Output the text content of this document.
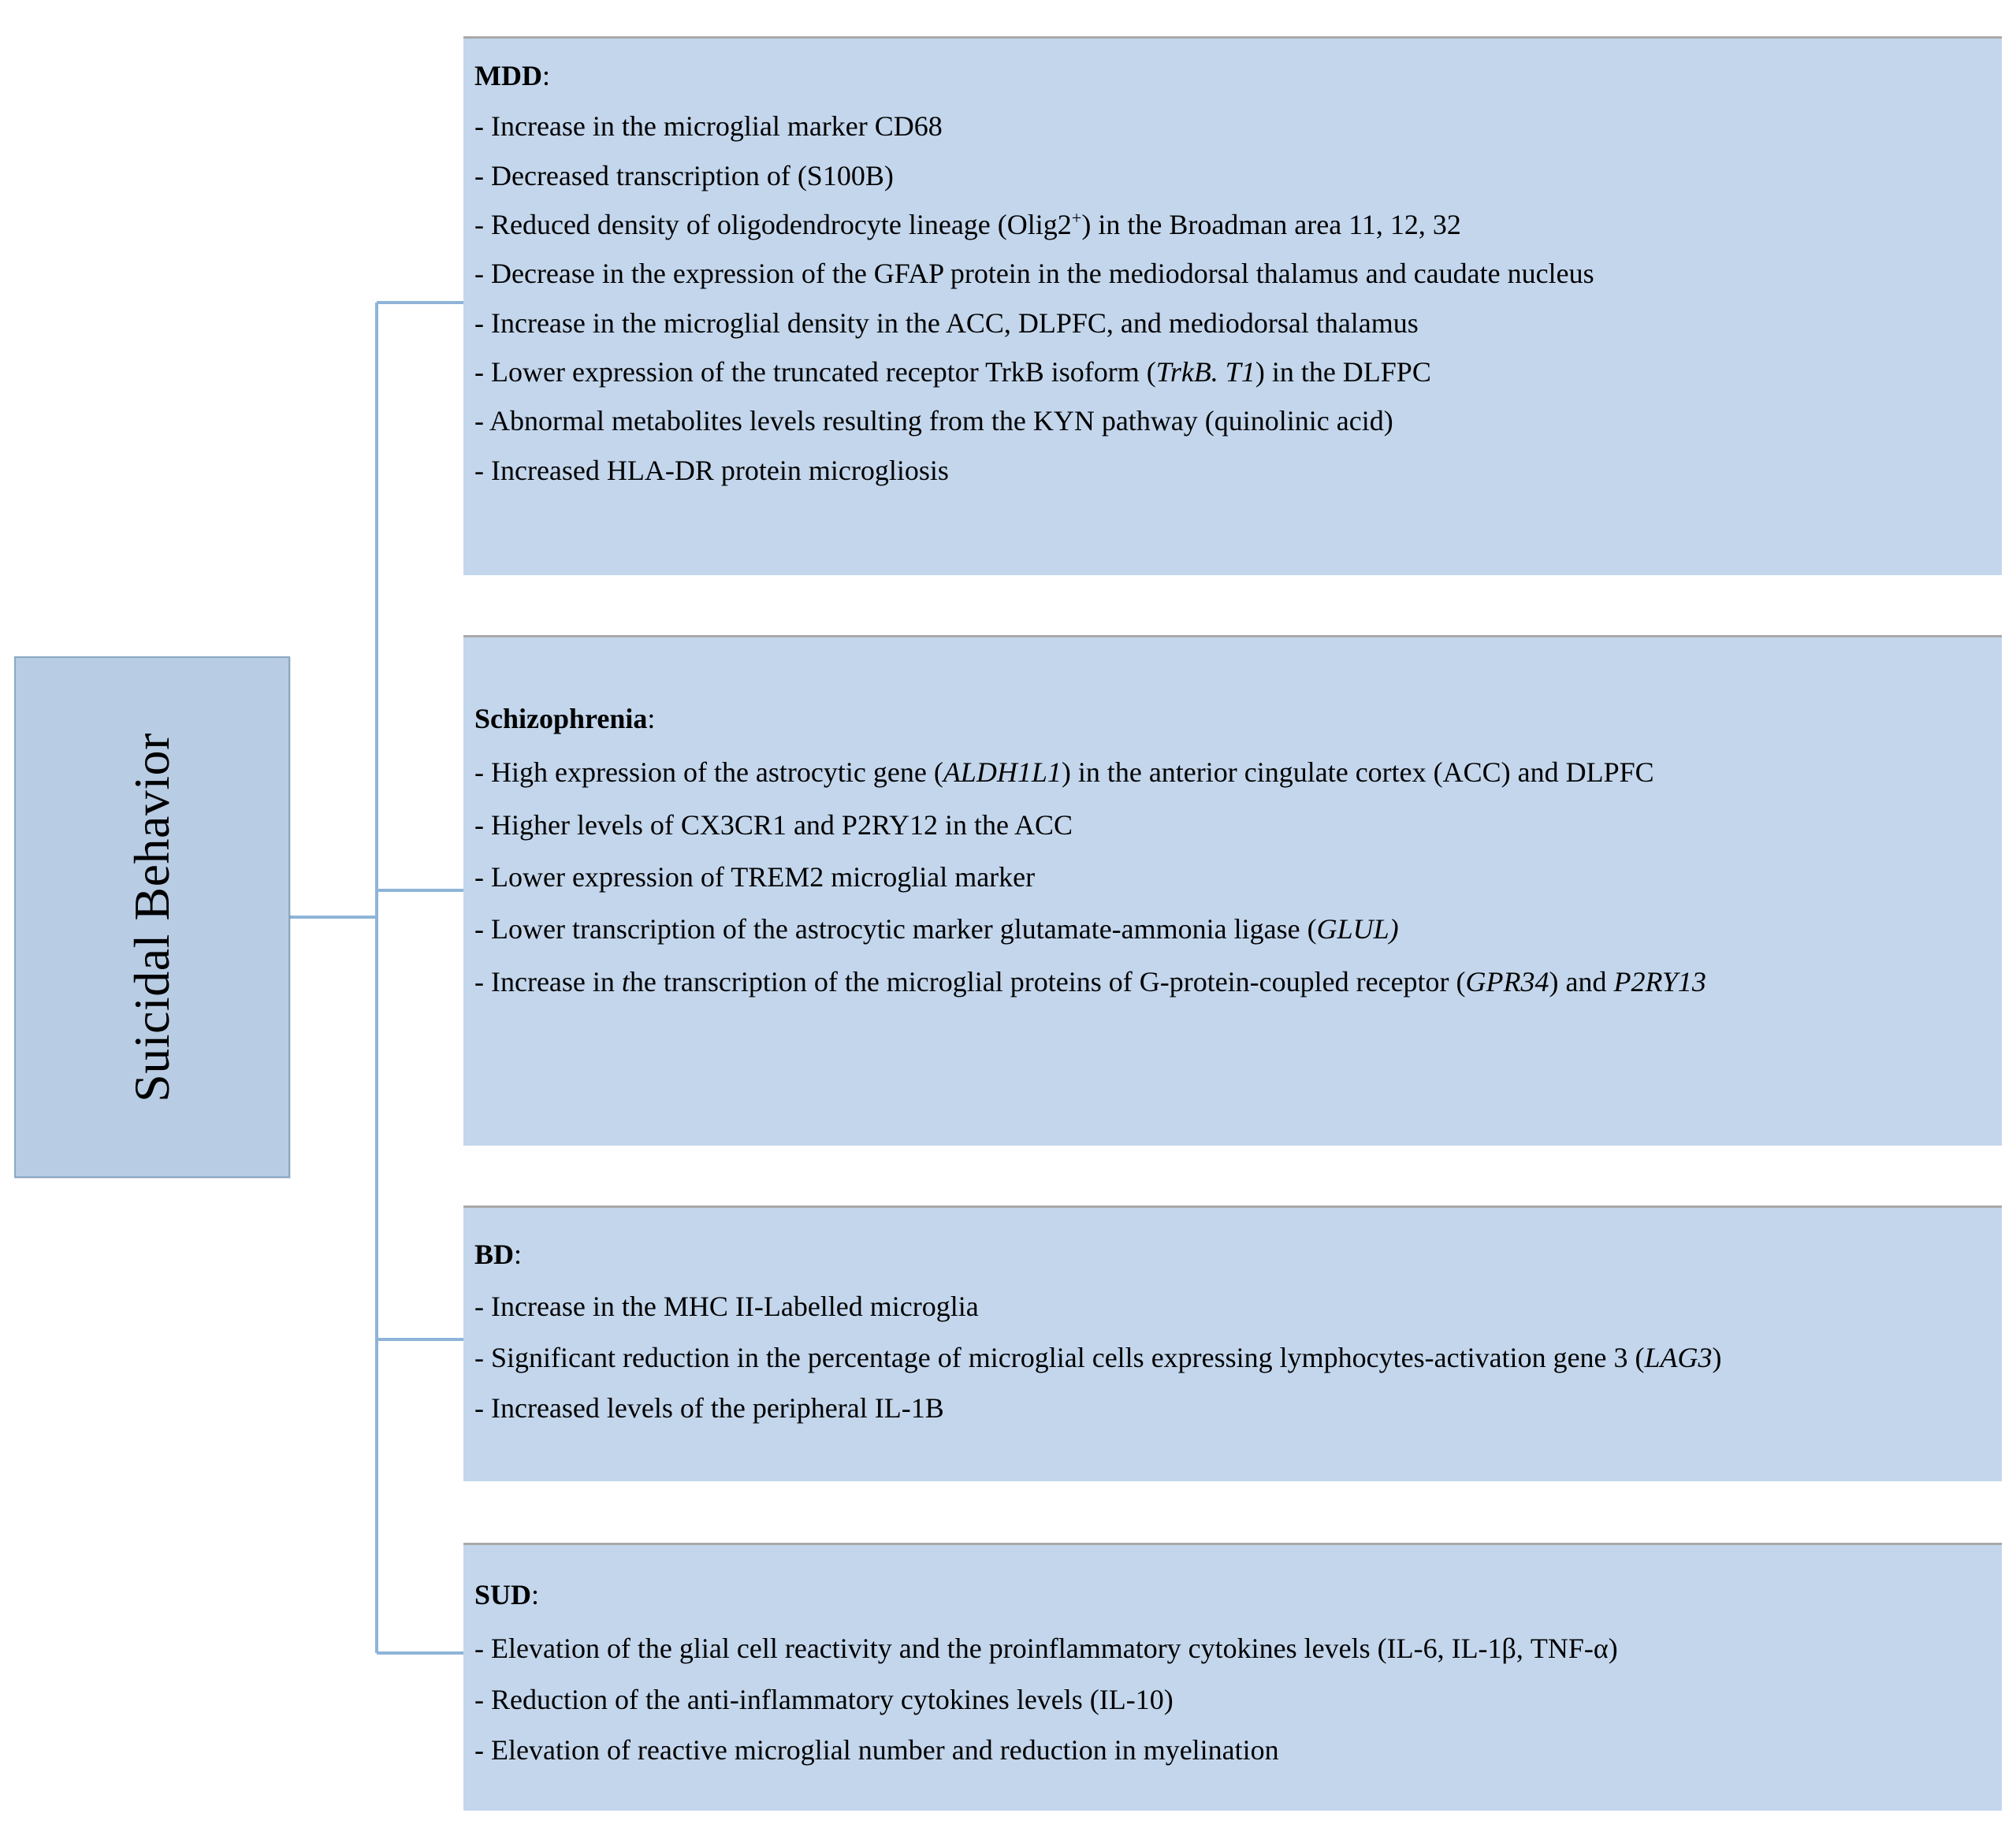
Suicidal Behavior
MDD:
- Increase in the microglial marker CD68
- Decreased transcription of (S100B)
- Reduced density of oligodendrocyte lineage (Olig2+) in the Broadman area 11, 12, 32
- Decrease in the expression of the GFAP protein in the mediodorsal thalamus and caudate nucleus
- Increase in the microglial density in the ACC, DLPFC, and mediodorsal thalamus
- Lower expression of the truncated receptor TrkB isoform (TrkB. T1) in the DLFPC
- Abnormal metabolites levels resulting from the KYN pathway (quinolinic acid)
- Increased HLA-DR protein microgliosis
Schizophrenia:
- High expression of the astrocytic gene (ALDH1L1) in the anterior cingulate cortex (ACC) and DLPFC
- Higher levels of CX3CR1 and P2RY12 in the ACC
- Lower expression of TREM2 microglial marker
- Lower transcription of the astrocytic marker glutamate-ammonia ligase (GLUL)
- Increase in the transcription of the microglial proteins of G-protein-coupled receptor (GPR34) and P2RY13
BD:
- Increase in the MHC II-Labelled microglia
- Significant reduction in the percentage of microglial cells expressing lymphocytes-activation gene 3 (LAG3)
- Increased levels of the peripheral IL-1B
SUD:
- Elevation of the glial cell reactivity and the proinflammatory cytokines levels (IL-6, IL-1β, TNF-α)
- Reduction of the anti-inflammatory cytokines levels (IL-10)
- Elevation of reactive microglial number and reduction in myelination
